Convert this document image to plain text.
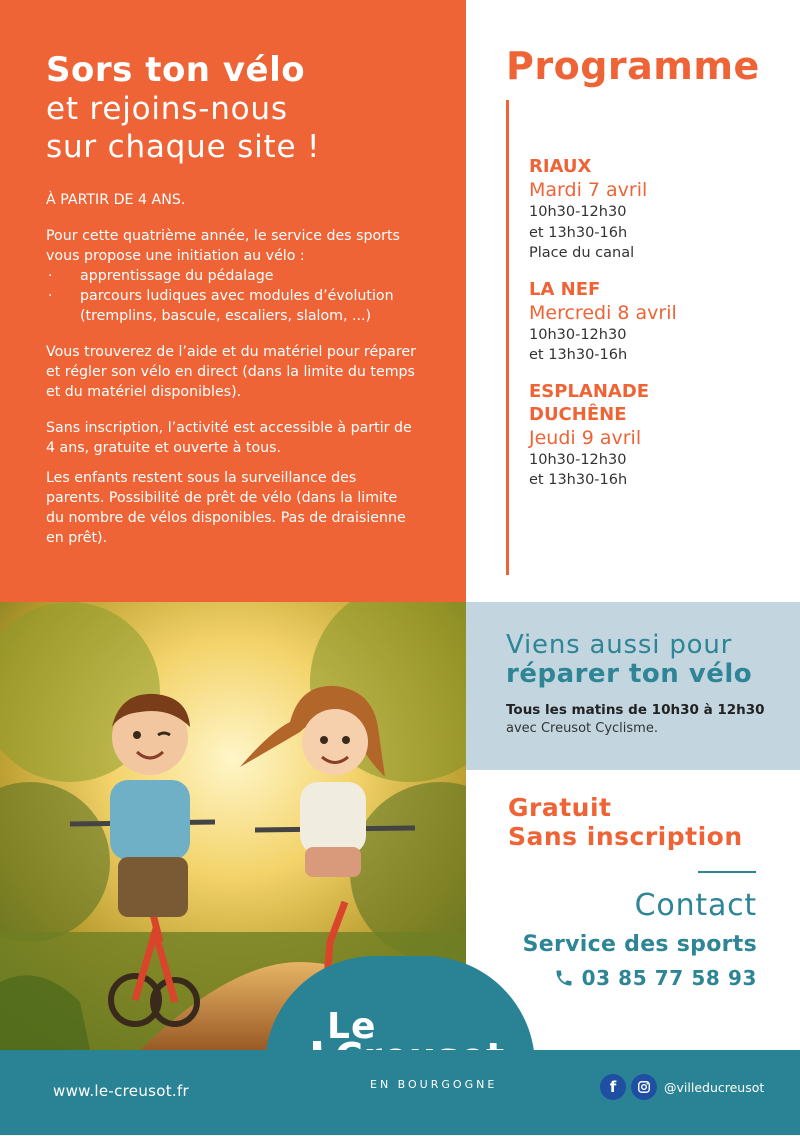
Sors ton vélo
et rejoins-nous
sur chaque site !

À PARTIR DE 4 ANS.

Pour cette quatrième année, le service des sports vous propose une initiation au vélo :

· apprentissage du pédalage
· parcours ludiques avec modules d’évolution (tremplins, bascule, escaliers, slalom, ...)

Vous trouverez de l’aide et du matériel pour réparer et régler son vélo en direct (dans la limite du temps et du matériel disponibles).

Sans inscription, l’activité est accessible à partir de 4 ans, gratuite et ouverte à tous.

Les enfants restent sous la surveillance des parents. Possibilité de prêt de vélo (dans la limite du nombre de vélos disponibles. Pas de draisienne en prêt).

Programme
RIAUX
Mardi 7 avril
10h30-12h30
et 13h30-16h
Place du canal
LA NEF
Mercredi 8 avril
10h30-12h30
et 13h30-16h
ESPLANADE DUCHÊNE
Jeudi 9 avril
10h30-12h30
et 13h30-16h
Viens aussi pour
réparer ton vélo
Tous les matins de 10h30 à 12h30
avec Creusot Cyclisme.
Gratuit
Sans inscription
Contact
Service des sports
03 85 77 58 93
Le
EN BOURGOGNE
www.le-creusot.fr	f	@villeducreusot
